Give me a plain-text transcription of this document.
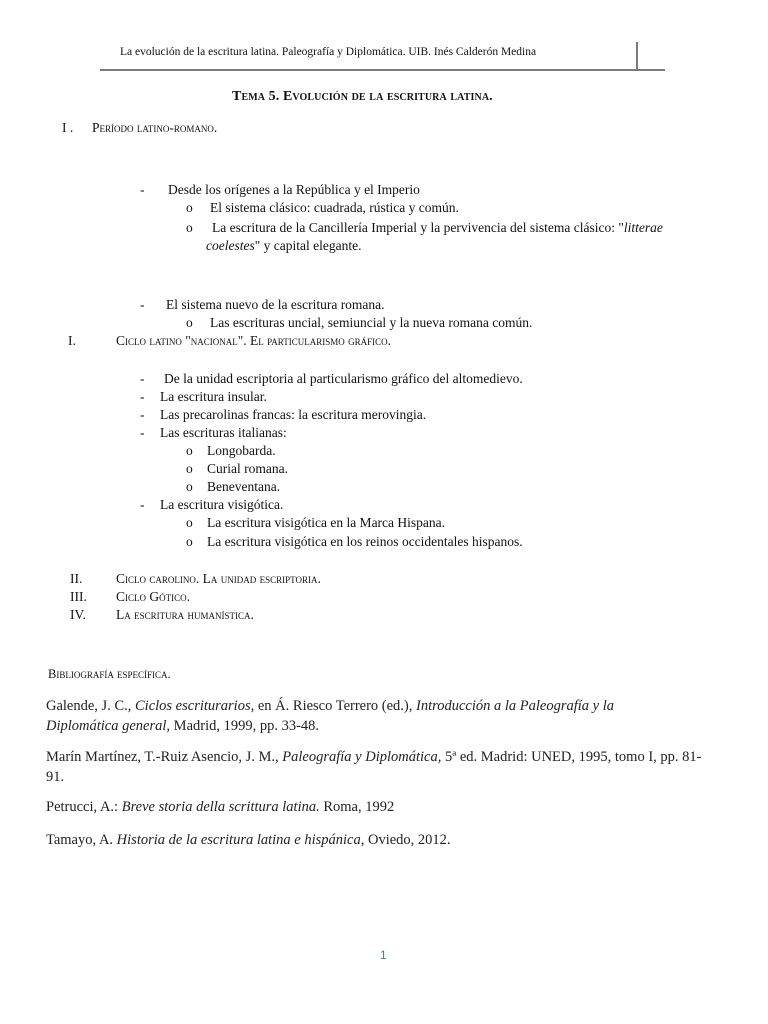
La evolución de la escritura latina. Paleografía y Diplomática. UIB. Inés Calderón Medina
Tema 5. Evolución de la escritura latina.
I . Período latino-romano.
- Desde los orígenes a la República y el Imperio
o El sistema clásico: cuadrada, rústica y común.
o La escritura de la Cancillería Imperial y la pervivencia del sistema clásico: "litterae
coelestes" y capital elegante.
- El sistema nuevo de la escritura romana.
o Las escrituras uncial, semiuncial y la nueva romana común.
I.	Ciclo latino "nacional". El particularismo gráfico.
- De la unidad escriptoria al particularismo gráfico del altomedievo.
- La escritura insular.
- Las precarolinas francas: la escritura merovingia.
- Las escrituras italianas:
o Longobarda.
o Curial romana.
o Beneventana.
- La escritura visigótica.
o La escritura visigótica en la Marca Hispana.
o La escritura visigótica en los reinos occidentales hispanos.
II. Ciclo carolino. La unidad escriptoria.
III. Ciclo Gótico.
IV. La escritura humanística.
Bibliografía específica.
Galende, J. C., Ciclos escriturarios, en Á. Riesco Terrero (ed.), Introducción a la Paleografía y la Diplomática general, Madrid, 1999, pp. 33-48.
Marín Martínez, T.-Ruiz Asencio, J. M., Paleografía y Diplomática, 5ª ed. Madrid: UNED, 1995, tomo I, pp. 81-91.
Petrucci, A.: Breve storia della scrittura latina. Roma, 1992
Tamayo, A. Historia de la escritura latina e hispánica, Oviedo, 2012.
1
